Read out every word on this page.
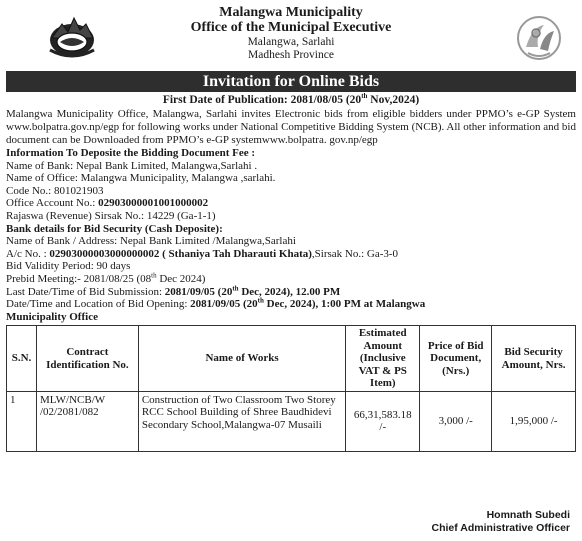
Malangwa Municipality
Office of the Municipal Executive
Malangwa, Sarlahi
Madhesh Province
Invitation for Online Bids
First Date of Publication: 2081/08/05 (20th Nov,2024)
Malangwa Municipality Office, Malangwa, Sarlahi invites Electronic bids from eligible bidders under PPMO’s e-GP System www.bolpatra.gov.np/egp for following works under National Competitive Bidding System (NCB). All other information and bid document can be Downloaded from PPMO’s e-GP systemwww.bolpatra. gov.np/egp
Information To Deposite the Bidding Document Fee :
Name of Bank: Nepal Bank Limited, Malangwa,Sarlahi .
Name of Office: Malangwa Municipality, Malangwa ,sarlahi.
Code No.: 801021903
Office Account No.: 02903000001001000002
Rajaswa (Revenue) Sirsak No.: 14229 (Ga-1-1)
Bank details for Bid Security (Cash Deposite):
Name of Bank / Address: Nepal Bank Limited /Malangwa,Sarlahi
A/c No. : 02903000003000000002 ( Sthaniya Tah Dharauti Khata),Sirsak No.: Ga-3-0
Bid Validity Period: 90 days
Prebid Meeting:- 2081/08/25 (08th Dec 2024)
Last Date/Time of Bid Submission: 2081/09/05 (20th Dec, 2024), 12.00 PM
Date/Time and Location of Bid Opening: 2081/09/05 (20th Dec, 2024), 1:00 PM at Malangwa
Municipality Office
S.N.	Contract Identification No.	Name of Works	Estimated Amount (Inclusive VAT & PS Item)	Price of Bid Document, (Nrs.)	Bid Security Amount, Nrs.
1	MLW/NCB/W /02/2081/082	Construction of Two Classroom Two Storey RCC School Building of Shree Baudhidevi Secondary School,Malangwa-07 Musaili	66,31,583.18 /-	3,000 /-	1,95,000 /-
Homnath Subedi
Chief Administrative Officer
